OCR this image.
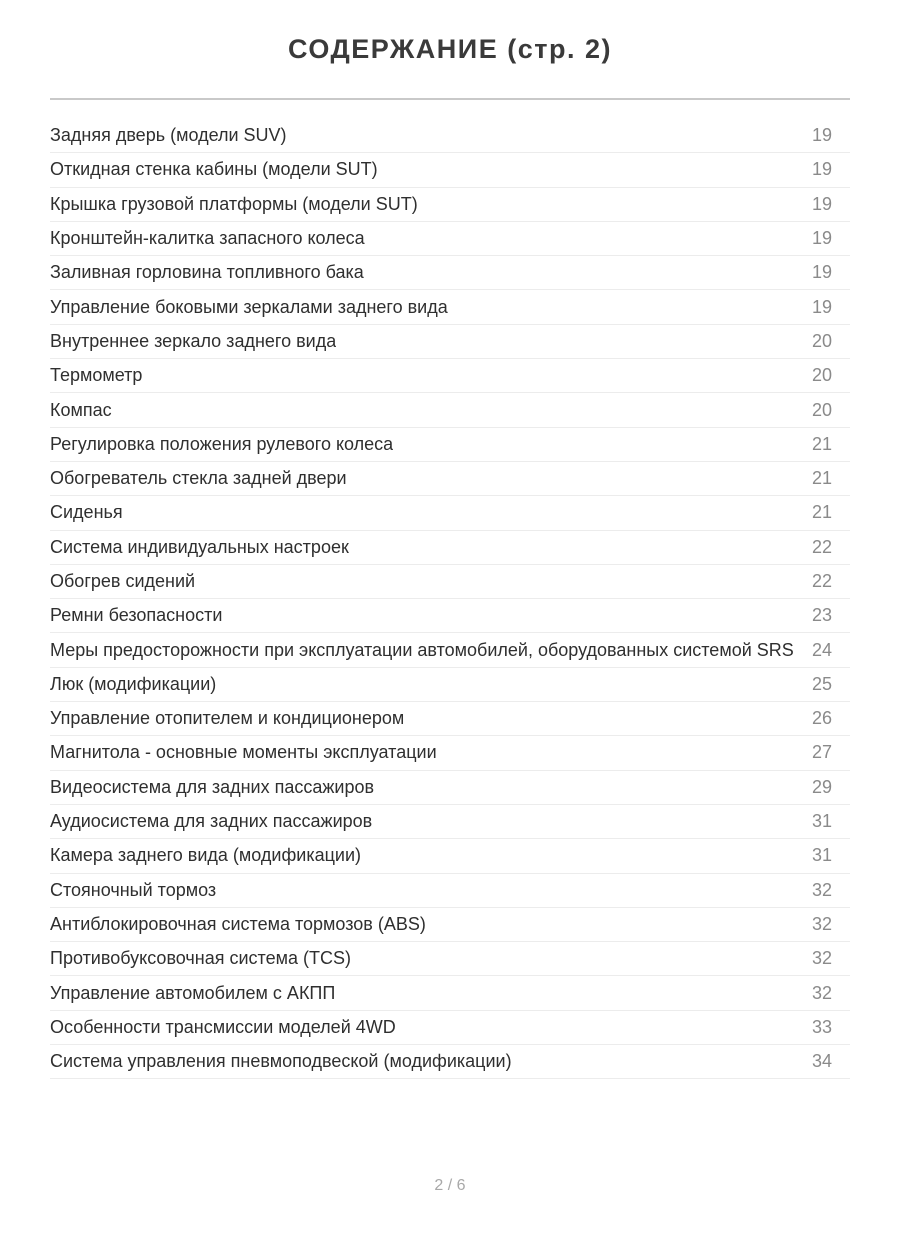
СОДЕРЖАНИЕ (стр. 2)
Задняя дверь (модели SUV)	19
Откидная стенка кабины (модели SUT)	19
Крышка грузовой платформы (модели SUT)	19
Кронштейн-калитка запасного колеса	19
Заливная горловина топливного бака	19
Управление боковыми зеркалами заднего вида	19
Внутреннее зеркало заднего вида	20
Термометр	20
Компас	20
Регулировка положения рулевого колеса	21
Обогреватель стекла задней двери	21
Сиденья	21
Система индивидуальных настроек	22
Обогрев сидений	22
Ремни безопасности	23
Меры предосторожности при эксплуатации автомобилей, оборудованных системой SRS	24
Люк (модификации)	25
Управление отопителем и кондиционером	26
Магнитола - основные моменты эксплуатации	27
Видеосистема для задних пассажиров	29
Аудиосистема для задних пассажиров	31
Камера заднего вида (модификации)	31
Стояночный тормоз	32
Антиблокировочная система тормозов (ABS)	32
Противобуксовочная система (TCS)	32
Управление автомобилем с АКПП	32
Особенности трансмиссии моделей 4WD	33
Система управления пневмоподвеской (модификации)	34
2 / 6
